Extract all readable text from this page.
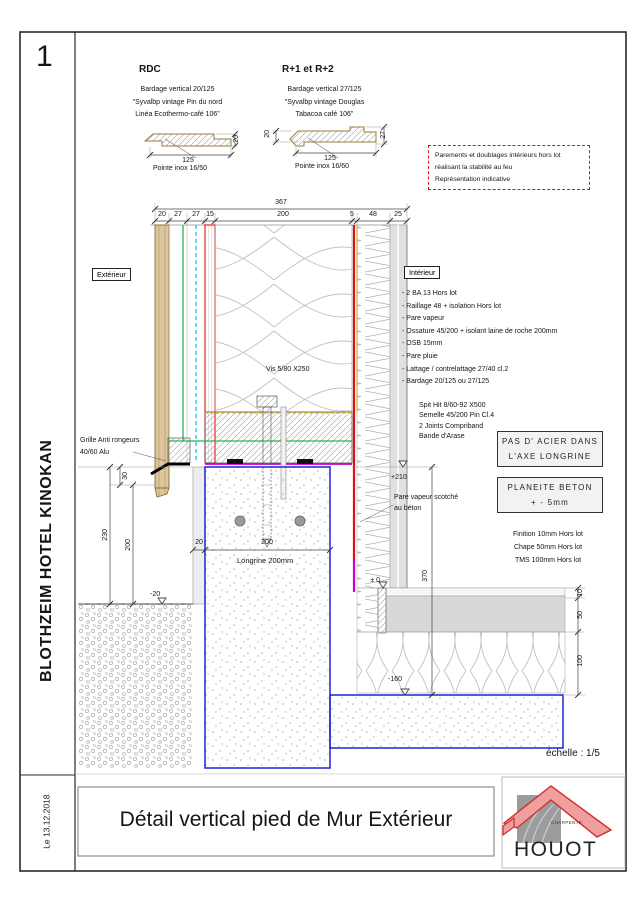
1	RDC
Bardage vertical 20/125
"Syvalbp vintage Pin du nord
Linéa Ecothermo-café 106"
20
125
Pointe inox 16/50
R+1 et R+2
Bardage vertical 27/125
"Syvalbp vintage Douglas
Tabacoa café 106"
20	27
125
Pointe inox 16/60
Parements et doublages intérieurs hors lot
réalisant la stabilité au feu
Représentation indicative
367
20	27	27 15	200	5	48	25
Extérieur	Intérieur
- 2 BA 13 Hors lot
- Raillage 48 + isolation Hors lot
- Pare vapeur
- Ossature 45/200 + isolant laine de roche 200mm
- OSB 15mm
- Pare pluie
- Lattage / contrelattage 27/40 cl.2
- Bardage 20/125 ou 27/125
Vis 5/80 X250
Spit Hit 8/60-92 X500
Semelle 45/200 Pin Cl.4
2 Joints Compriband
Bande d'Arase
PAS D' ACIER DANS
L'AXE LONGRINE
PLANEITE BETON
+ - 5mm
Grille Anti rongeurs
40/60 Alu
+210
± 0
-160
-20
Pare vapeur scotché
au béton
230
200
30
20	200
Longrine 200mm
370
10
50
100
Finition 10mm Hors lot
Chape 50mm Hors lot
TMS 100mm Hors lot
échelle : 1/5
BLOTHZEIM HOTEL KINOKAN
Le 13.12.2018	Détail vertical pied de Mur Extérieur	CHARPENTE
HOUOT
